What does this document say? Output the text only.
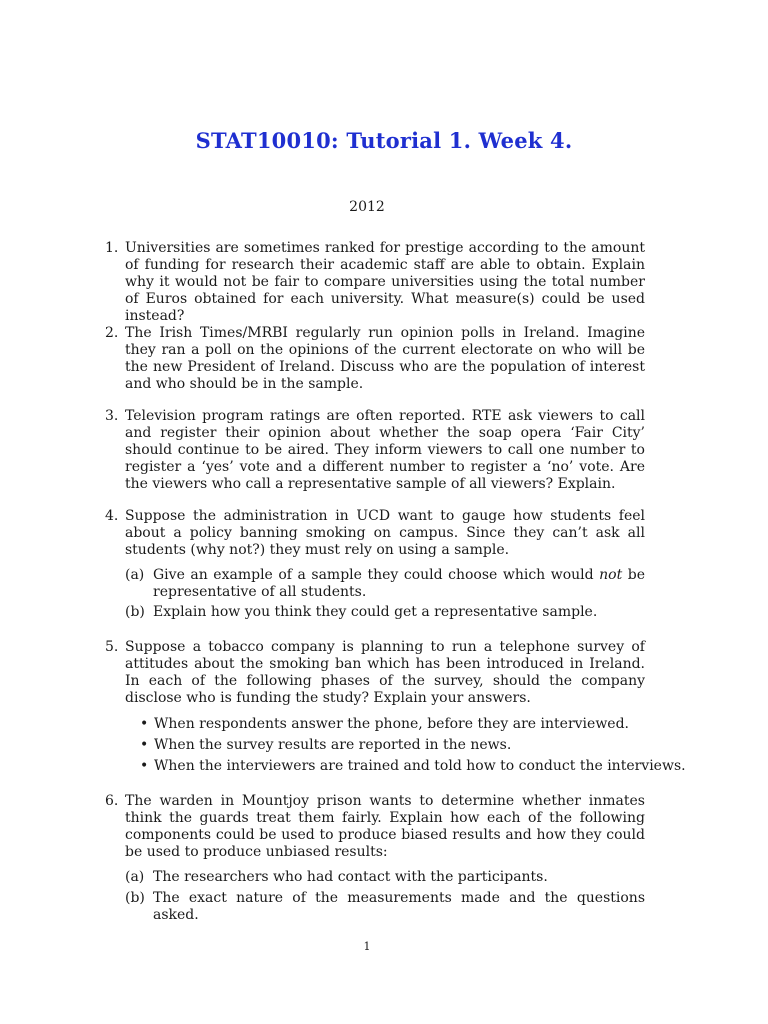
STAT10010: Tutorial 1. Week 4.
2012
1. Universities are sometimes ranked for prestige according to the amount of funding for research their academic staff are able to obtain. Explain why it would not be fair to compare universities using the total number of Euros obtained for each university. What measure(s) could be used instead?
2. The Irish Times/MRBI regularly run opinion polls in Ireland. Imagine they ran a poll on the opinions of the current electorate on who will be the new President of Ireland. Discuss who are the population of interest and who should be in the sample.
3. Television program ratings are often reported. RTE ask viewers to call and register their opinion about whether the soap opera ‘Fair City’ should continue to be aired. They inform viewers to call one number to register a ‘yes’ vote and a different number to register a ‘no’ vote. Are the viewers who call a representative sample of all viewers? Explain.
4. Suppose the administration in UCD want to gauge how students feel about a policy banning smoking on campus. Since they can’t ask all students (why not?) they must rely on using a sample.
(a) Give an example of a sample they could choose which would not be representative of all students.
(b) Explain how you think they could get a representative sample.
5. Suppose a tobacco company is planning to run a telephone survey of attitudes about the smoking ban which has been introduced in Ireland. In each of the following phases of the survey, should the company disclose who is funding the study? Explain your answers.
• When respondents answer the phone, before they are interviewed.
• When the survey results are reported in the news.
• When the interviewers are trained and told how to conduct the interviews.
6. The warden in Mountjoy prison wants to determine whether inmates think the guards treat them fairly. Explain how each of the following components could be used to produce biased results and how they could be used to produce unbiased results:
(a) The researchers who had contact with the participants.
(b) The exact nature of the measurements made and the questions asked.
1
